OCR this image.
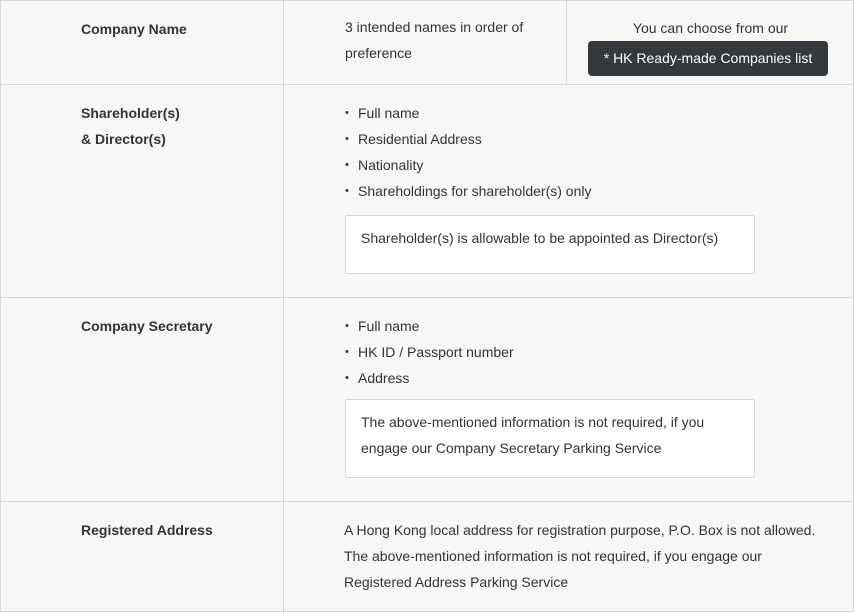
Company Name	3 intended names in order of preference
You can choose from our
* HK Ready-made Companies list
Shareholder(s)
& Director(s)
• Full name
• Residential Address
• Nationality
• Shareholdings for shareholder(s) only
Shareholder(s) is allowable to be appointed as Director(s)
Company Secretary
•	Full name
• HK ID / Passport number
• Address
The above-mentioned information is not required, if you engage our Company Secretary Parking Service
Registered Address	A Hong Kong local address for registration purpose, P.O. Box is not allowed.
The above-mentioned information is not required, if you engage our
Registered Address Parking Service
